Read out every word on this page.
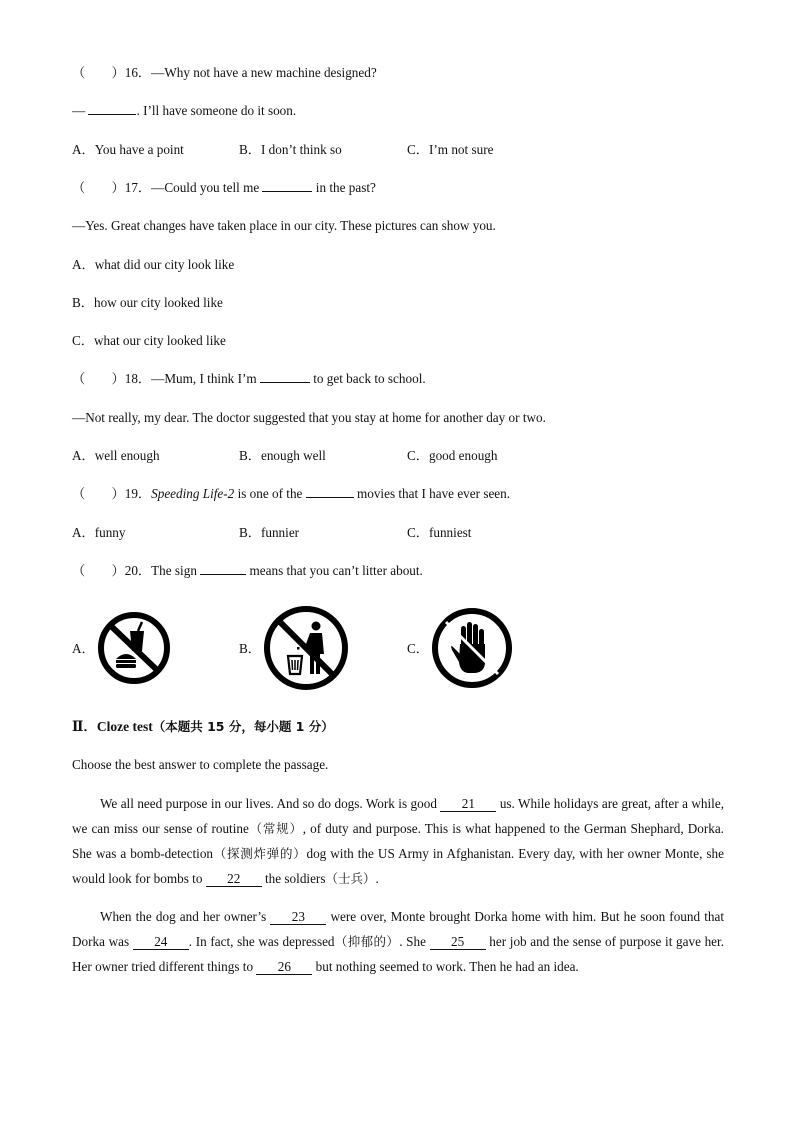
（　　）16．—Why not have a new machine designed?
—	. I’ll have someone do it soon.
A．You have a point	B．I don’t think so	C．I’m not sure
（　　）17．—Could you tell me	in the past?
—Yes. Great changes have taken place in our city. These pictures can show you.
A．what did our city look like
B．how our city looked like
C．what our city looked like
（　　）18．—Mum, I think I’m	to get back to school.
—Not really, my dear. The doctor suggested that you stay at home for another day or two.
A．well enough	B．enough well	C．good enough
（　　）19．Speeding Life-2 is one of the	movies that I have ever seen.
A．funny	B．funnier	C．funniest
（　　）20．The sign	means that you can’t litter about.
A．	B．	C．
Ⅱ．Cloze test（本题共 15 分，每小题 1 分）
Choose the best answer to complete the passage.
We all need purpose in our lives. And so do dogs. Work is good 21 us. While holidays are great, after a while, we can miss our sense of routine（常规）, of duty and purpose. This is what happened to the German Shephard, Dorka. She was a bomb-detection（探测炸弹的）dog with the US Army in Afghanistan. Every day, with her owner Monte, she would look for bombs to 22 the soldiers（士兵）.
When the dog and her owner’s 23 were over, Monte brought Dorka home with him. But he soon found that Dorka was 24 . In fact, she was depressed（抑郁的）. She 25 her job and the sense of purpose it gave her. Her owner tried different things to 26 but nothing seemed to work. Then he had an idea.
